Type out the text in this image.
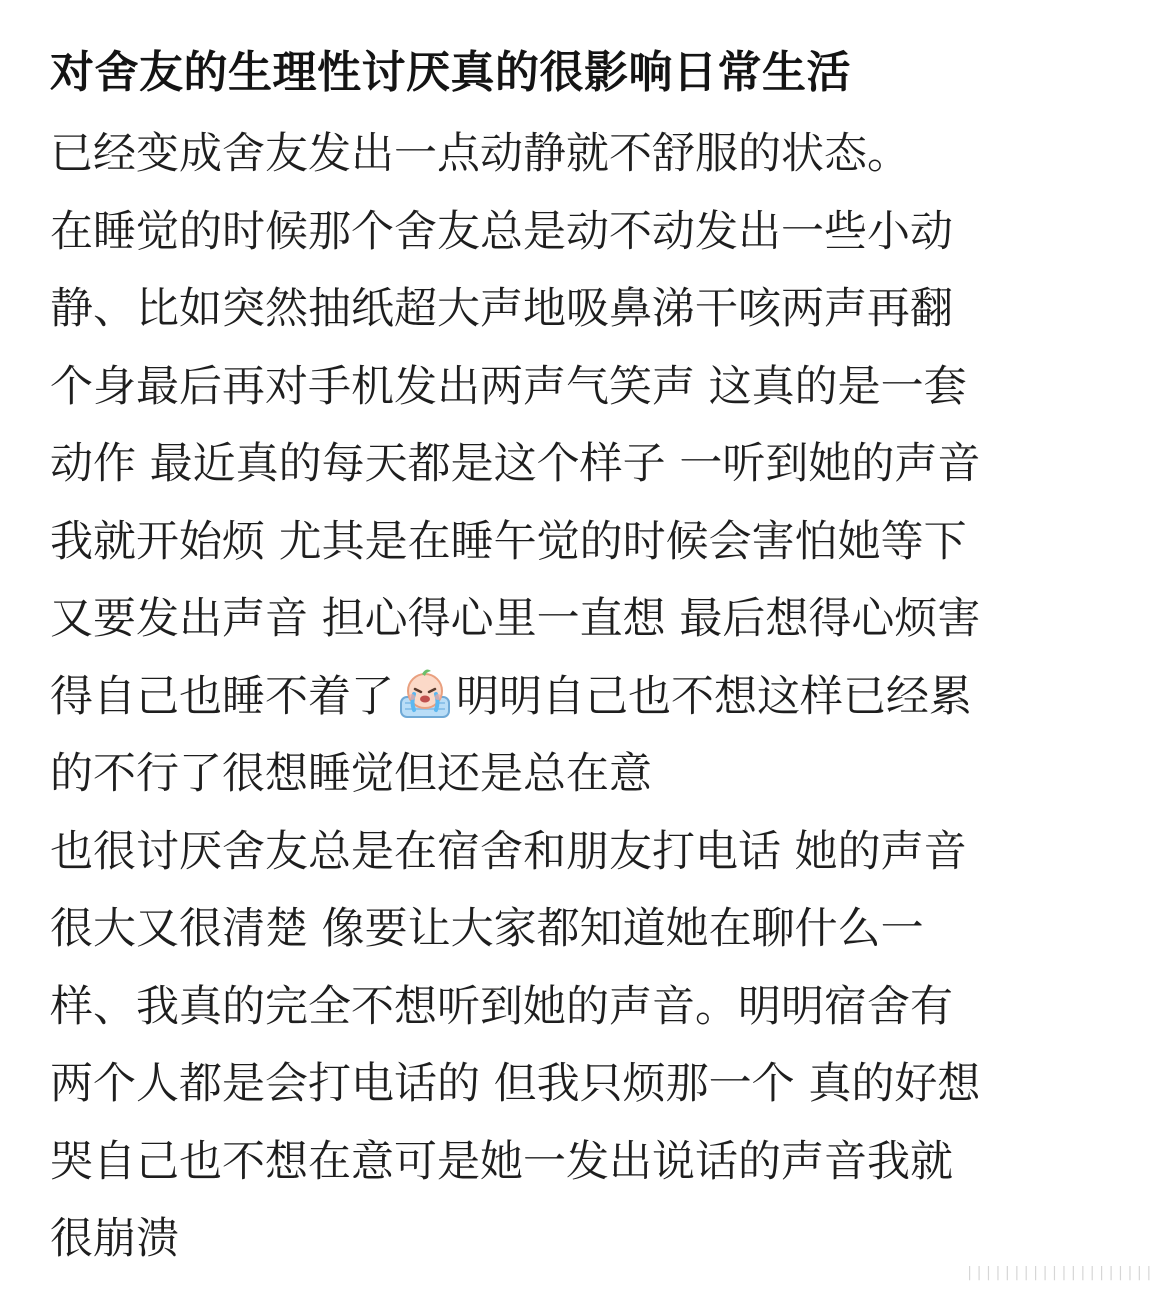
对舍友的生理性讨厌真的很影响日常生活
已经变成舍友发出一点动静就不舒服的状态。
在睡觉的时候那个舍友总是动不动发出一些小动
静、比如突然抽纸超大声地吸鼻涕干咳两声再翻
个身最后再对手机发出两声气笑声 这真的是一套
动作 最近真的每天都是这个样子 一听到她的声音
我就开始烦 尤其是在睡午觉的时候会害怕她等下
又要发出声音 担心得心里一直想 最后想得心烦害
得自己也睡不着了 明明自己也不想这样已经累
的不行了很想睡觉但还是总在意
也很讨厌舍友总是在宿舍和朋友打电话 她的声音
很大又很清楚 像要让大家都知道她在聊什么一
样、我真的完全不想听到她的声音。明明宿舍有
两个人都是会打电话的 但我只烦那一个 真的好想
哭自己也不想在意可是她一发出说话的声音我就
很崩溃
||||||||||||||||||||
